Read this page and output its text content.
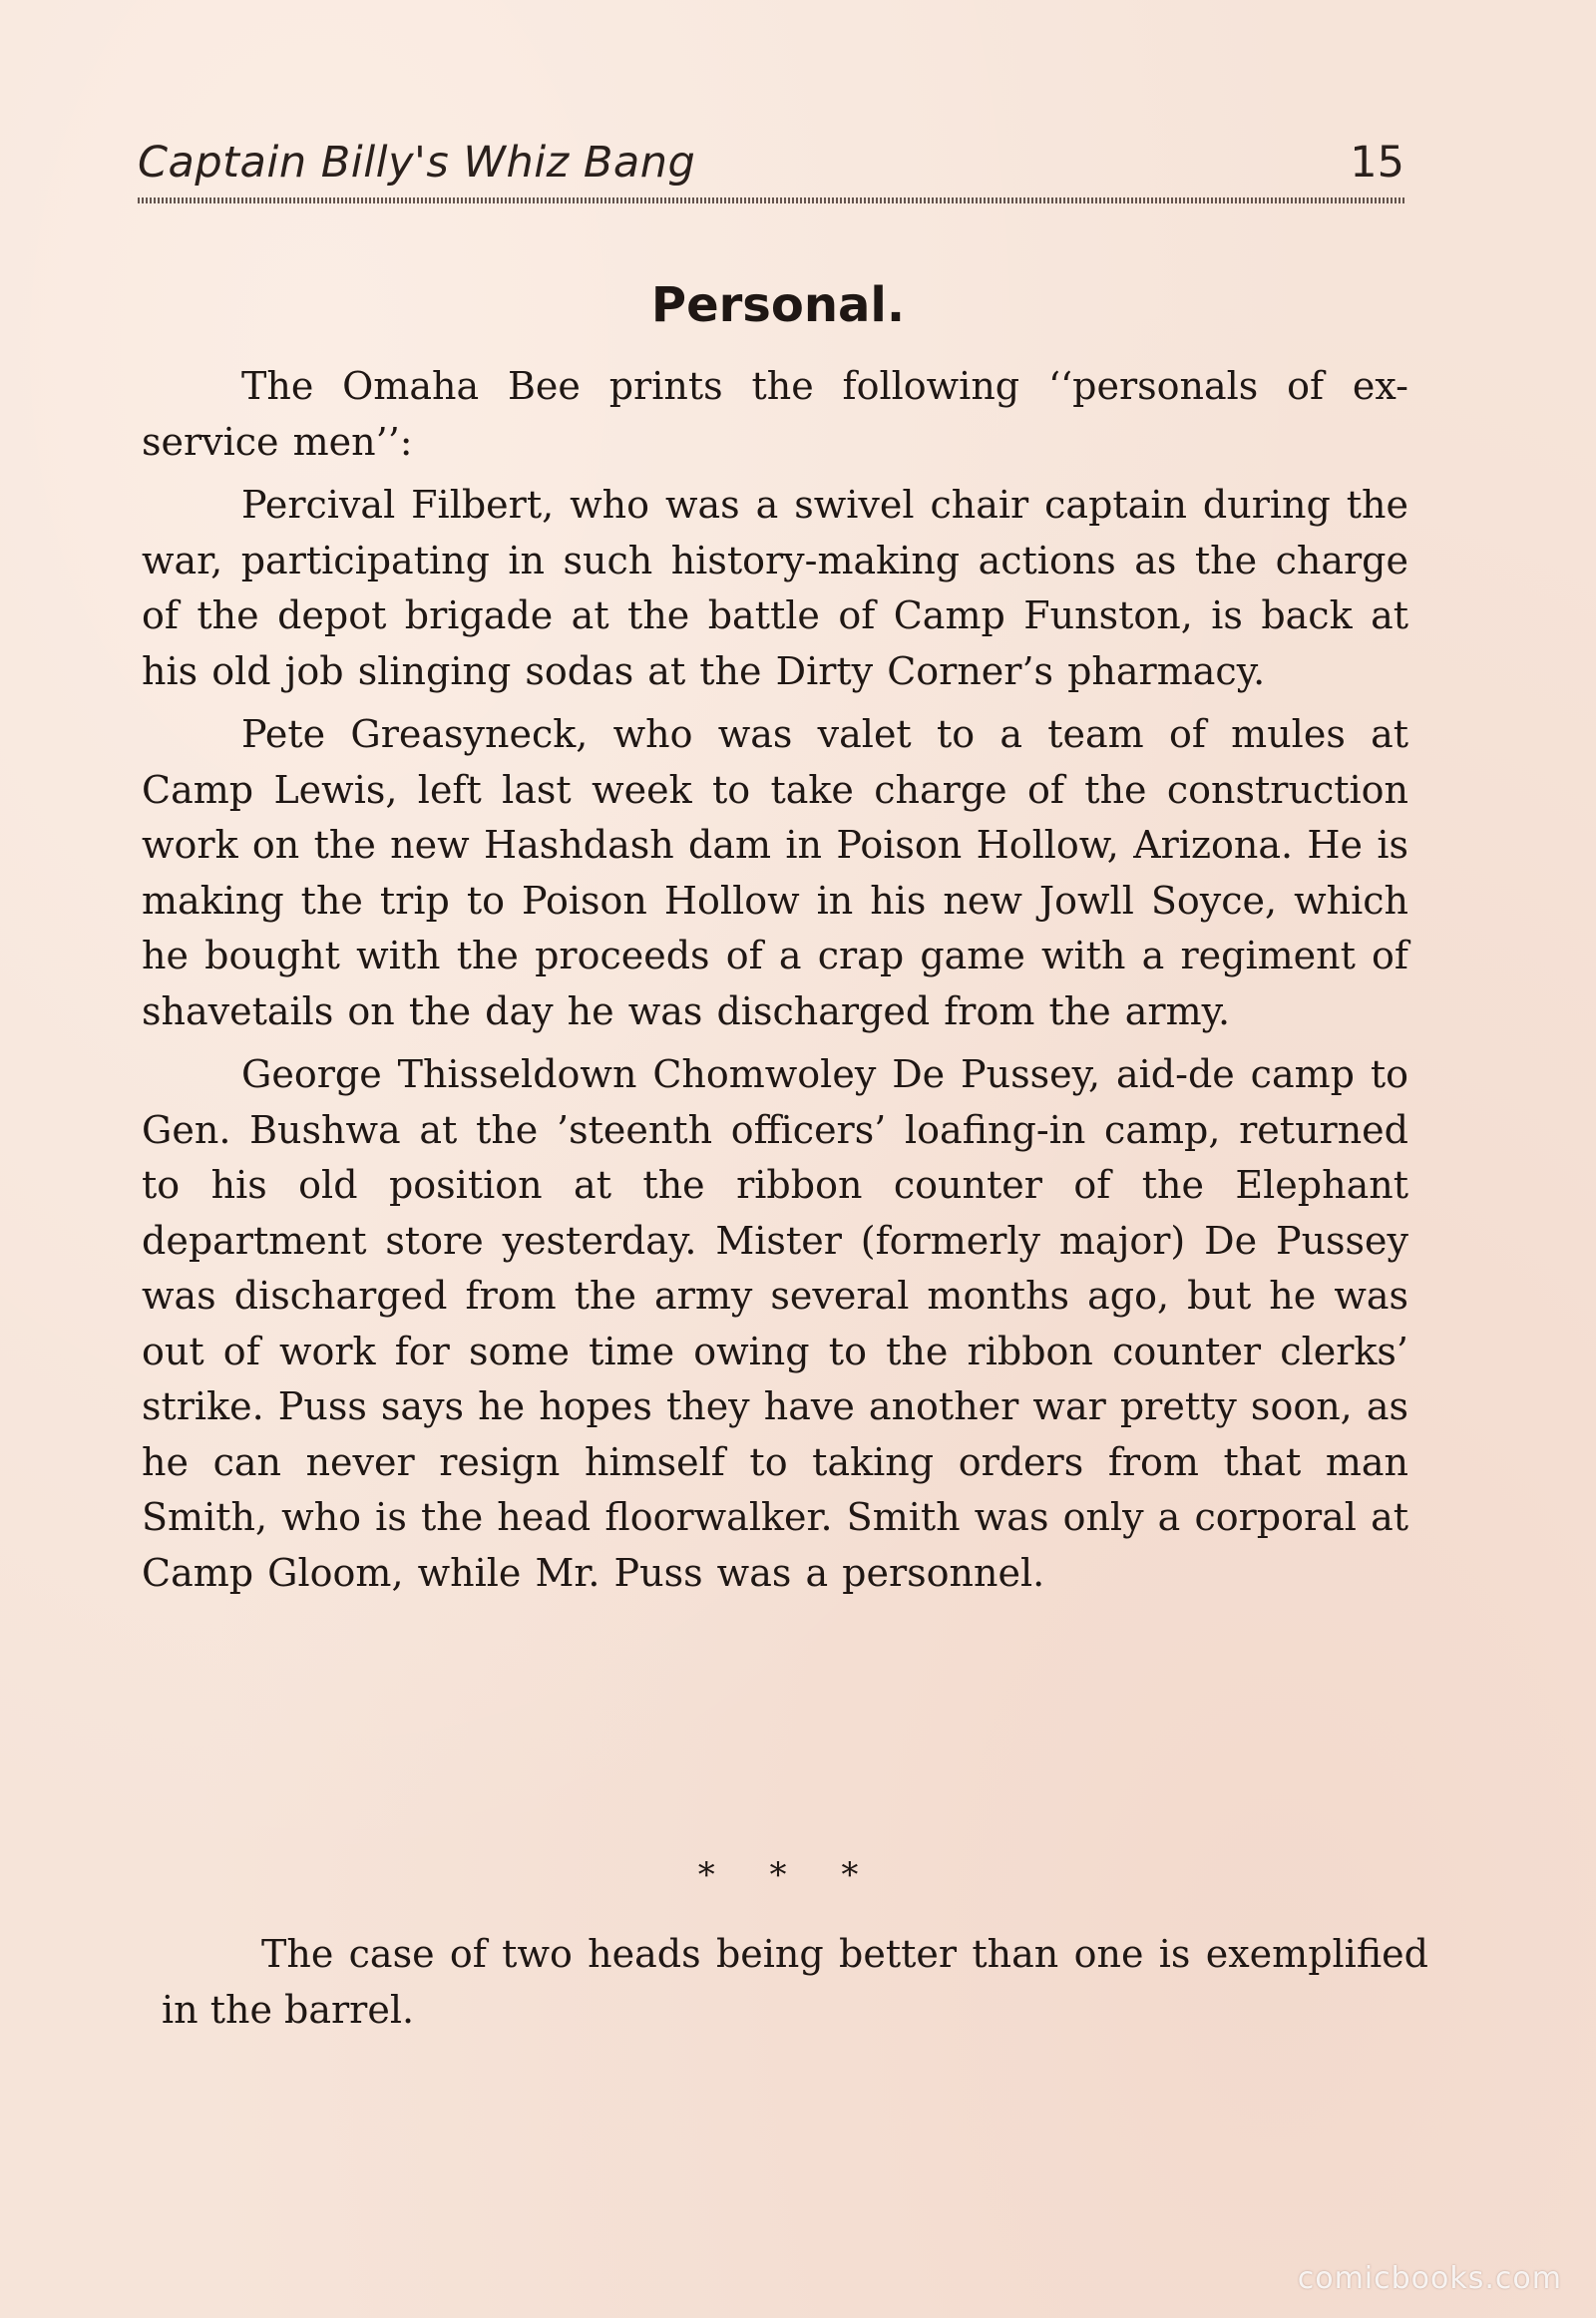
Captain Billy's Whiz Bang	15
Personal.

The Omaha Bee prints the following ‘‘personals of ex-service men’’:

Percival Filbert, who was a swivel chair captain during the war, participating in such history-making actions as the charge of the depot brigade at the battle of Camp Funston, is back at his old job slinging sodas at the Dirty Corner’s pharmacy.

Pete Greasyneck, who was valet to a team of mules at Camp Lewis, left last week to take charge of the construction work on the new Hashdash dam in Poison Hollow, Arizona. He is making the trip to Poison Hollow in his new Jowll Soyce, which he bought with the proceeds of a crap game with a regiment of shavetails on the day he was discharged from the army.

George Thisseldown Chomwoley De Pussey, aid-de camp to Gen. Bushwa at the ’steenth officers’ loafing-in camp, returned to his old position at the ribbon counter of the Elephant department store yesterday. Mister (formerly major) De Pussey was discharged from the army several months ago, but he was out of work for some time owing to the ribbon counter clerks’ strike. Puss says he hopes they have another war pretty soon, as he can never resign himself to taking orders from that man Smith, who is the head floorwalker. Smith was only a corporal at Camp Gloom, while Mr. Puss was a personnel.

* * *

The case of two heads being better than one is exemplified in the barrel.

comicbooks.com
